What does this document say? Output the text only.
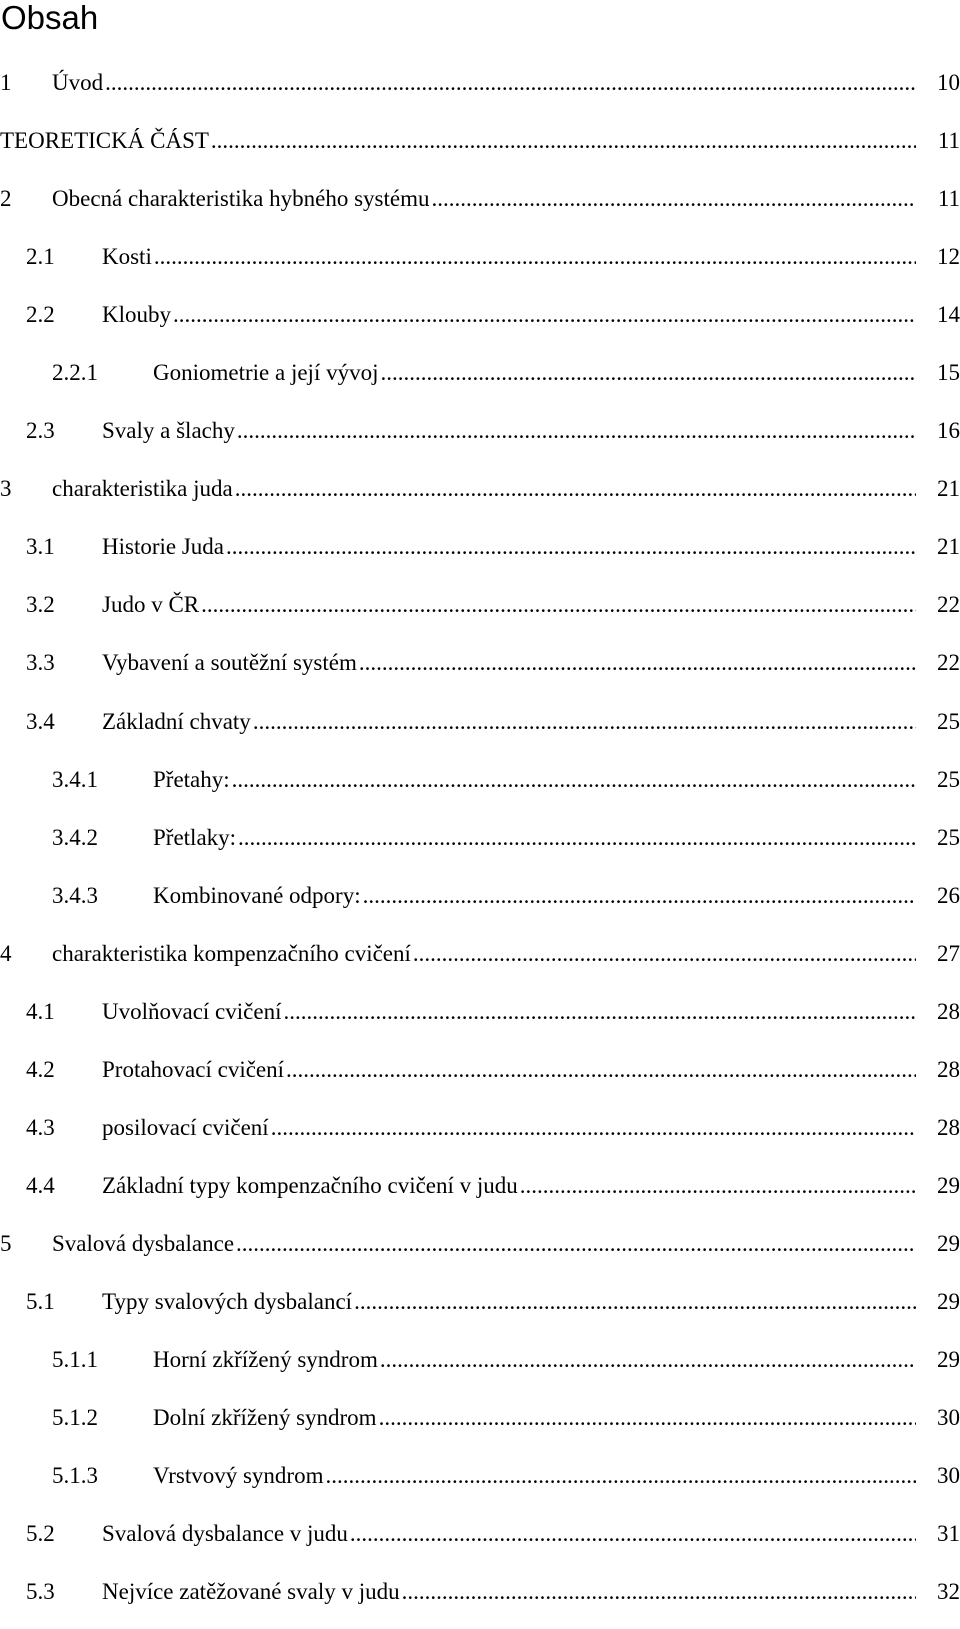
Obsah
1 Úvod .....	10
TEORETICKÁ ČÁST .....	11
2 Obecná charakteristika hybného systému .....	11
2.1 Kosti .....	12
2.2 Klouby .....	14
2.2.1 Goniometrie a její vývoj .....	15
2.3 Svaly a šlachy .....	16
3 charakteristika juda .....	21
3.1 Historie Juda .....	21
3.2 Judo v ČR .....	22
3.3 Vybavení a soutěžní systém .....	22
3.4 Základní chvaty .....	25
3.4.1 Přetahy: .....	25
3.4.2 Přetlaky: .....	25
3.4.3 Kombinované odpory: .....	26
4 charakteristika kompenzačního cvičení .....	27
4.1 Uvolňovací cvičení .....	28
4.2 Protahovací cvičení .....	28
4.3 posilovací cvičení .....	28
4.4 Základní typy kompenzačního cvičení v judu .....	29
5 Svalová dysbalance .....	29
5.1 Typy svalových dysbalancí .....	29
5.1.1 Horní zkřížený syndrom .....	29
5.1.2 Dolní zkřížený syndrom .....	30
5.1.3 Vrstvový syndrom .....	30
5.2 Svalová dysbalance v judu .....	31
5.3 Nejvíce zatěžované svaly v judu .....	32
